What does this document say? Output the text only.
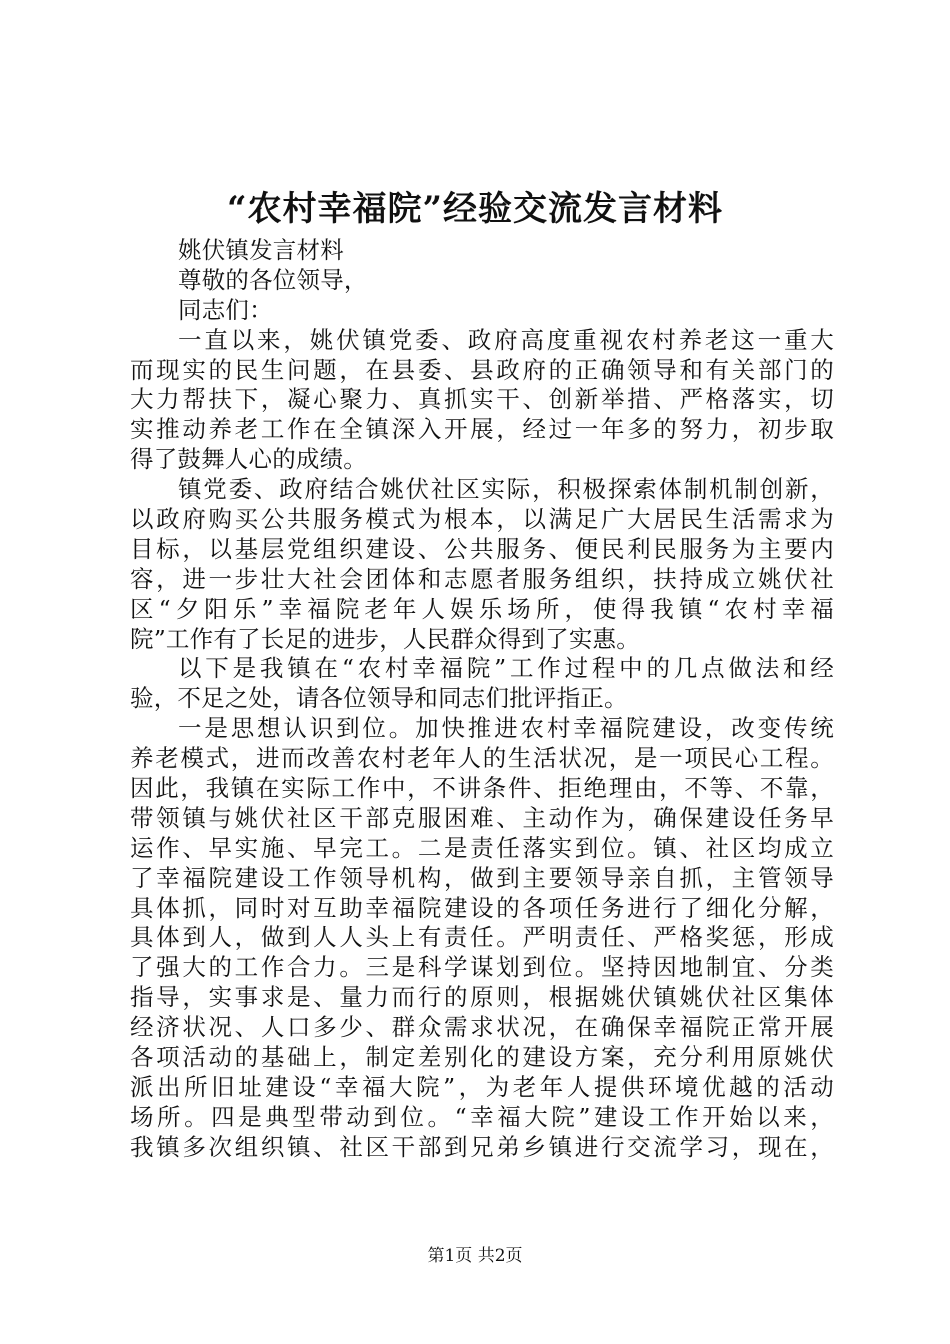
“农村幸福院”经验交流发言材料
姚伏镇发言材料
尊敬的各位领导，
同志们：
一直以来，姚伏镇党委、政府高度重视农村养老这一重大
而现实的民生问题，在县委、县政府的正确领导和有关部门的
大力帮扶下，凝心聚力、真抓实干、创新举措、严格落实，切
实推动养老工作在全镇深入开展，经过一年多的努力，初步取
得了鼓舞人心的成绩。
镇党委、政府结合姚伏社区实际，积极探索体制机制创新，
以政府购买公共服务模式为根本，以满足广大居民生活需求为
目标，以基层党组织建设、公共服务、便民利民服务为主要内
容，进一步壮大社会团体和志愿者服务组织，扶持成立姚伏社
区“夕阳乐”幸福院老年人娱乐场所，使得我镇“农村幸福
院”工作有了长足的进步，人民群众得到了实惠。
以下是我镇在“农村幸福院”工作过程中的几点做法和经
验，不足之处，请各位领导和同志们批评指正。
一是思想认识到位。加快推进农村幸福院建设，改变传统
养老模式，进而改善农村老年人的生活状况，是一项民心工程。
因此，我镇在实际工作中，不讲条件、拒绝理由，不等、不靠，
带领镇与姚伏社区干部克服困难、主动作为，确保建设任务早
运作、早实施、早完工。二是责任落实到位。镇、社区均成立
了幸福院建设工作领导机构，做到主要领导亲自抓，主管领导
具体抓，同时对互助幸福院建设的各项任务进行了细化分解，
具体到人，做到人人头上有责任。严明责任、严格奖惩，形成
了强大的工作合力。三是科学谋划到位。坚持因地制宜、分类
指导，实事求是、量力而行的原则，根据姚伏镇姚伏社区集体
经济状况、人口多少、群众需求状况，在确保幸福院正常开展
各项活动的基础上，制定差别化的建设方案，充分利用原姚伏
派出所旧址建设“幸福大院”，为老年人提供环境优越的活动
场所。四是典型带动到位。“幸福大院”建设工作开始以来，
我镇多次组织镇、社区干部到兄弟乡镇进行交流学习，现在，
第1页 共2页
